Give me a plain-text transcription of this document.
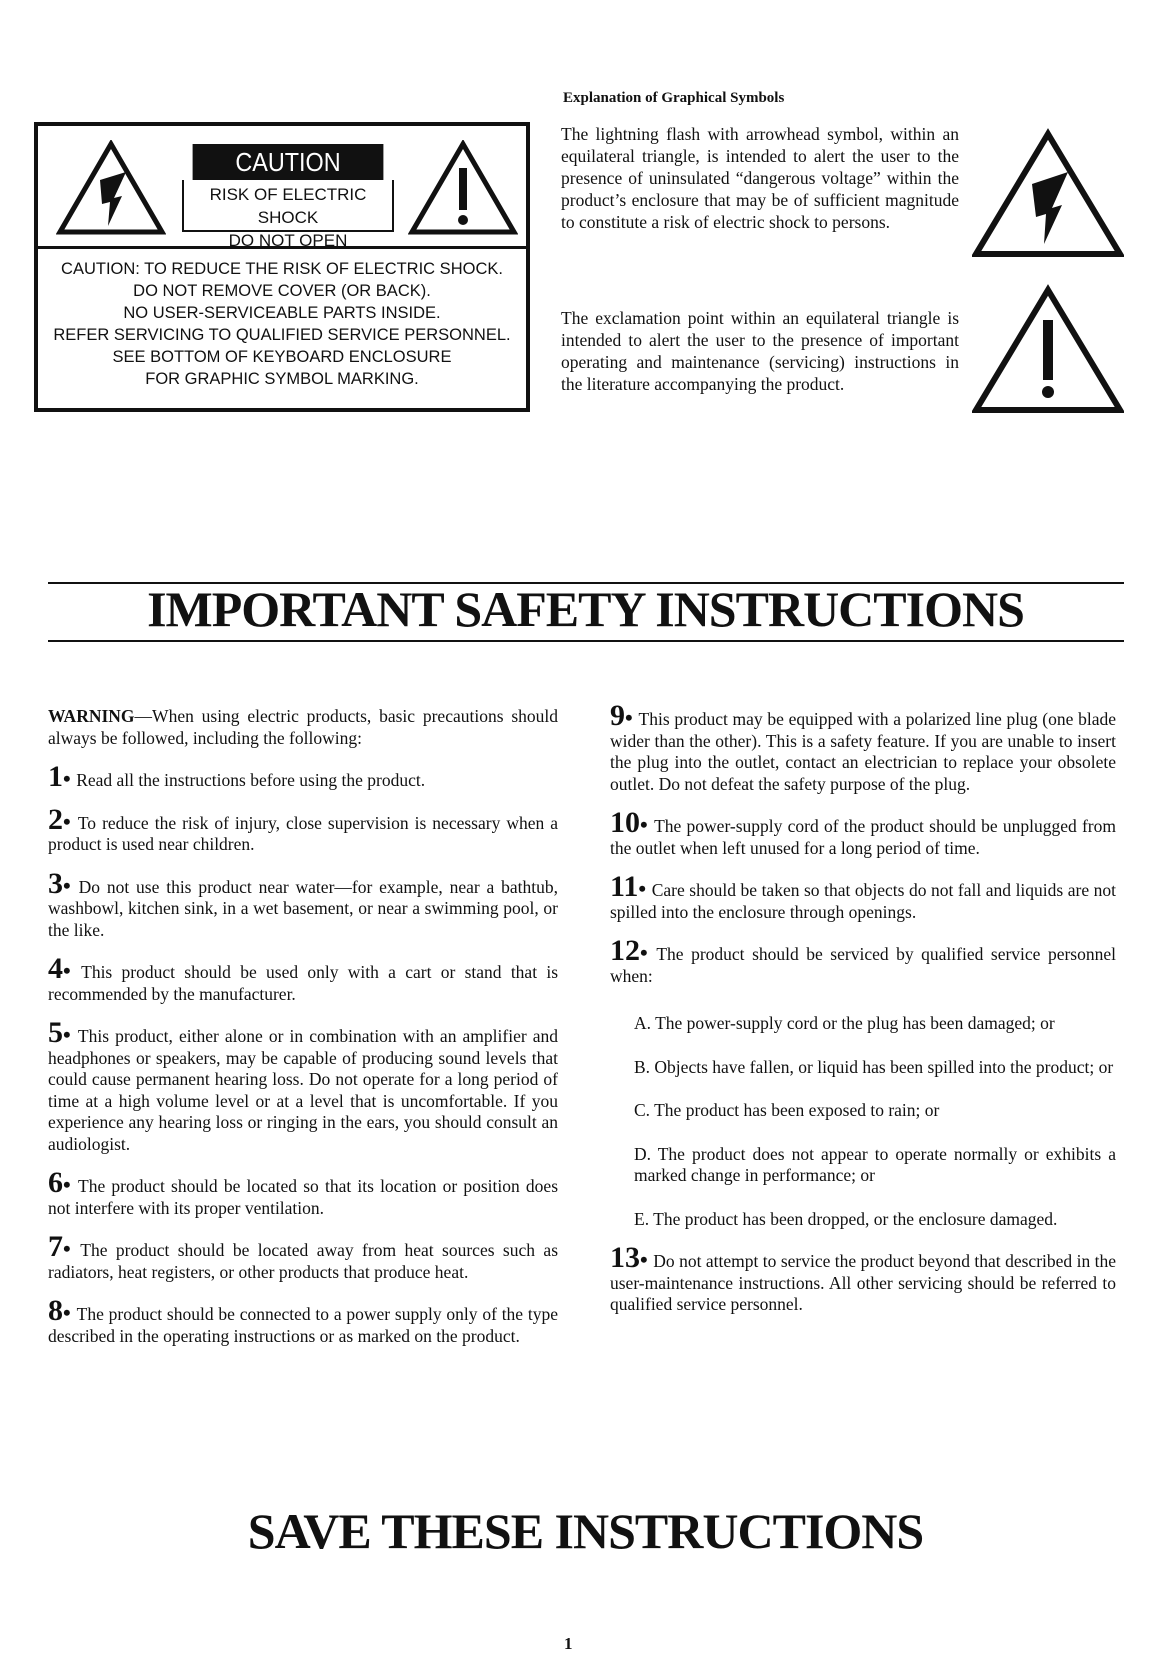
CAUTION
RISK OF ELECTRIC SHOCK
DO NOT OPEN
CAUTION: TO REDUCE THE RISK OF ELECTRIC SHOCK.
DO NOT REMOVE COVER (OR BACK).
NO USER-SERVICEABLE PARTS INSIDE.
REFER SERVICING TO QUALIFIED SERVICE PERSONNEL.
SEE BOTTOM OF KEYBOARD ENCLOSURE
FOR GRAPHIC SYMBOL MARKING.
Explanation of Graphical Symbols
The lightning flash with arrowhead symbol, within an equilateral triangle, is intended to alert the user to the presence of uninsulated “dangerous voltage” within the product’s enclosure that may be of sufficient magnitude to constitute a risk of electric shock to persons.
The exclamation point within an equilateral triangle is intended to alert the user to the presence of important operating and maintenance (servicing) instructions in the literature accompanying the product.
IMPORTANT SAFETY INSTRUCTIONS
WARNING—When using electric products, basic precautions should always be followed, including the following:
1• Read all the instructions before using the product.
2• To reduce the risk of injury, close supervision is necessary when a product is used near children.
3• Do not use this product near water—for example, near a bathtub, washbowl, kitchen sink, in a wet basement, or near a swimming pool, or the like.
4• This product should be used only with a cart or stand that is recommended by the manufacturer.
5• This product, either alone or in combination with an amplifier and headphones or speakers, may be capable of producing sound levels that could cause permanent hearing loss. Do not operate for a long period of time at a high volume level or at a level that is uncomfortable. If you experience any hearing loss or ringing in the ears, you should consult an audiologist.
6• The product should be located so that its location or position does not interfere with its proper ventilation.
7• The product should be located away from heat sources such as radiators, heat registers, or other products that produce heat.
8• The product should be connected to a power supply only of the type described in the operating instructions or as marked on the product.
9• This product may be equipped with a polarized line plug (one blade wider than the other). This is a safety feature. If you are unable to insert the plug into the outlet, contact an electrician to replace your obsolete outlet. Do not defeat the safety purpose of the plug.
10• The power-supply cord of the product should be unplugged from the outlet when left unused for a long period of time.
11• Care should be taken so that objects do not fall and liquids are not spilled into the enclosure through openings.
12• The product should be serviced by qualified service personnel when:
A. The power-supply cord or the plug has been damaged; or
B. Objects have fallen, or liquid has been spilled into the product; or
C. The product has been exposed to rain; or
D. The product does not appear to operate normally or exhibits a marked change in performance; or
E. The product has been dropped, or the enclosure damaged.
13• Do not attempt to service the product beyond that described in the user-maintenance instructions. All other servicing should be referred to qualified service personnel.
SAVE THESE INSTRUCTIONS
1
